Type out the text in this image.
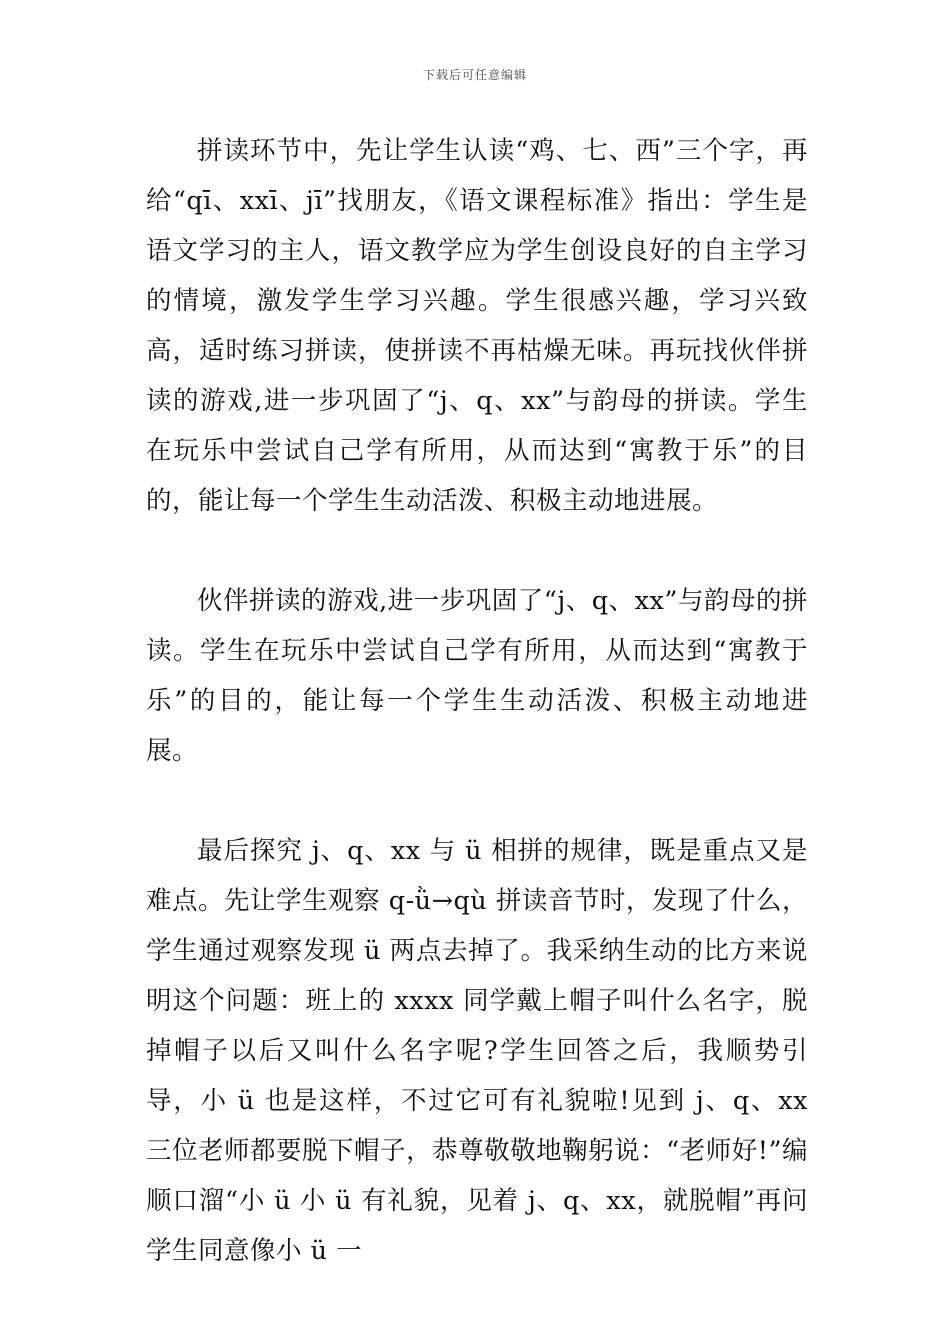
下载后可任意编辑

拼读环节中，先让学生认读“鸡、七、西”三个字，再给“qī、xxī、jī”找朋友，《语文课程标准》指出：学生是语文学习的主人，语文教学应为学生创设良好的自主学习的情境，激发学生学习兴趣。学生很感兴趣，学习兴致高，适时练习拼读，使拼读不再枯燥无味。再玩找伙伴拼读的游戏,进一步巩固了“j、q、xx”与韵母的拼读。学生在玩乐中尝试自己学有所用，从而达到“寓教于乐”的目的，能让每一个学生生动活泼、积极主动地进展。

伙伴拼读的游戏,进一步巩固了“j、q、xx”与韵母的拼读。学生在玩乐中尝试自己学有所用，从而达到“寓教于乐”的目的，能让每一个学生生动活泼、积极主动地进展。

最后探究 j、q、xx 与 ü 相拼的规律，既是重点又是难点。先让学生观察 q-ǜ→qù 拼读音节时，发现了什么，学生通过观察发现 ü 两点去掉了。我采纳生动的比方来说明这个问题：班上的 xxxx 同学戴上帽子叫什么名字，脱掉帽子以后又叫什么名字呢?学生回答之后，我顺势引导，小 ü 也是这样，不过它可有礼貌啦!见到 j、q、xx 三位老师都要脱下帽子，恭尊敬敬地鞠躬说：“老师好!”编顺口溜“小 ü 小 ü 有礼貌，见着 j、q、xx，就脱帽”再问学生同意像小 ü 一
